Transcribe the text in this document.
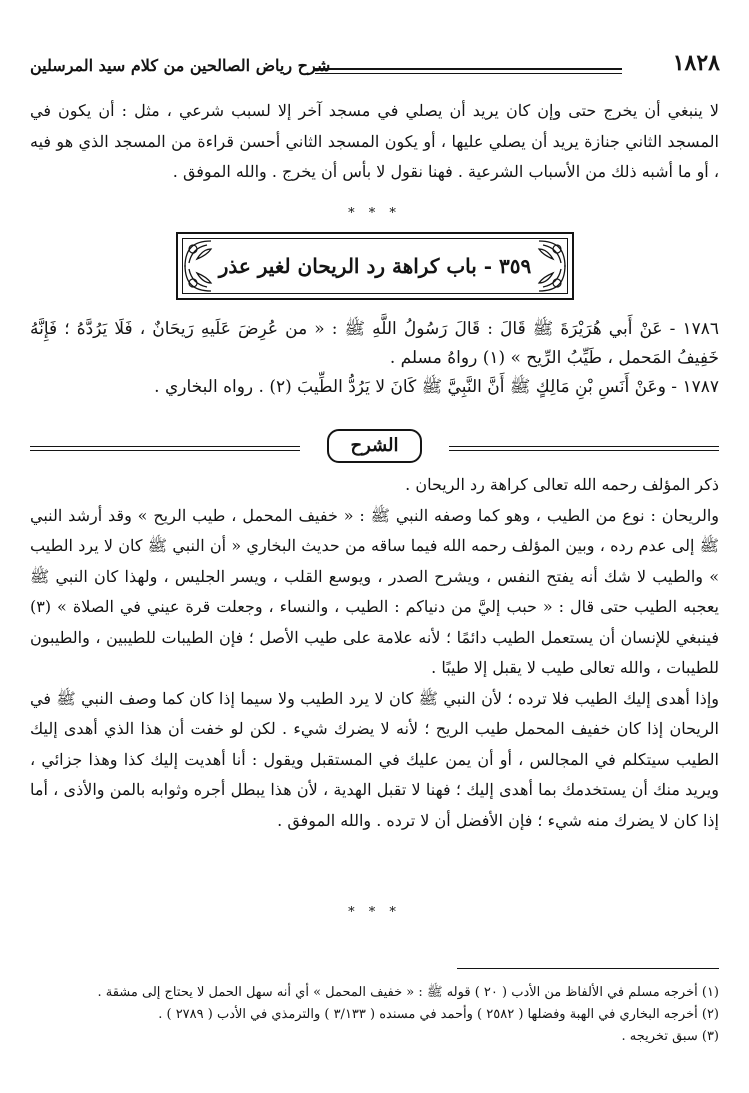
١٨٢٨
شرح رياض الصالحين من كلام سيد المرسلين
لا ينبغي أن يخرج حتى وإن كان يريد أن يصلي في مسجد آخر إلا لسبب شرعي ، مثل : أن يكون في المسجد الثاني جنازة يريد أن يصلي عليها ، أو يكون المسجد الثاني أحسن قراءة من المسجد الذي هو فيه ، أو ما أشبه ذلك من الأسباب الشرعية . فهنا نقول لا بأس أن يخرج . والله الموفق .
* * *
٣٥٩ - باب كراهة رد الريحان لغير عذر

١٧٨٦ - عَنْ أَبي هُرَيْرَةَ ﷺ قَالَ : قَالَ رَسُولُ اللَّهِ ﷺ : « من عُرِضَ عَلَيهِ رَيحَانٌ ، فَلَا يَرُدَّهُ ؛ فَإِنَّهُ خَفِيفُ المَحمل ، طَيِّبُ الرِّيح » (١) رواهُ مسلم .

١٧٨٧ - وعَنْ أَنَسِ بْنِ مَالِكٍ ﷺ أَنَّ النَّبِيَّ ﷺ كَانَ لا يَرُدُّ الطِّيبَ (٢) . رواه البخاري .

الشرح

ذكر المؤلف رحمه الله تعالى كراهة رد الريحان .

والريحان : نوع من الطيب ، وهو كما وصفه النبي ﷺ : « خفيف المحمل ، طيب الريح » وقد أرشد النبي ﷺ إلى عدم رده ، وبين المؤلف رحمه الله فيما ساقه من حديث البخاري « أن النبي ﷺ كان لا يرد الطيب » والطيب لا شك أنه يفتح النفس ، ويشرح الصدر ، ويوسع القلب ، ويسر الجليس ، ولهذا كان النبي ﷺ يعجبه الطيب حتى قال : « حبب إليَّ من دنياكم : الطيب ، والنساء ، وجعلت قرة عيني في الصلاة » (٣) فينبغي للإنسان أن يستعمل الطيب دائمًا ؛ لأنه علامة على طيب الأصل ؛ فإن الطيبات للطيبين ، والطيبون للطيبات ، والله تعالى طيب لا يقبل إلا طيبًا .

وإذا أهدى إليك الطيب فلا ترده ؛ لأن النبي ﷺ كان لا يرد الطيب ولا سيما إذا كان كما وصف النبي ﷺ في الريحان إذا كان خفيف المحمل طيب الريح ؛ لأنه لا يضرك شيء . لكن لو خفت أن هذا الذي أهدى إليك الطيب سيتكلم في المجالس ، أو أن يمن عليك في المستقبل ويقول : أنا أهديت إليك كذا وهذا جزائي ، ويريد منك أن يستخدمك بما أهدى إليك ؛ فهنا لا تقبل الهدية ، لأن هذا يبطل أجره وثوابه بالمن والأذى ، أما إذا كان لا يضرك منه شيء ؛ فإن الأفضل أن لا ترده . والله الموفق .

* * *
(١) أخرجه مسلم في الألفاظ من الأدب ( ٢٠ ) قوله ﷺ : « خفيف المحمل » أي أنه سهل الحمل لا يحتاج إلى مشقة .
(٢) أخرجه البخاري في الهبة وفضلها ( ٢٥٨٢ ) وأحمد في مسنده ( ٣/١٣٣ ) والترمذي في الأدب ( ٢٧٨٩ ) .
(٣) سبق تخريجه .
